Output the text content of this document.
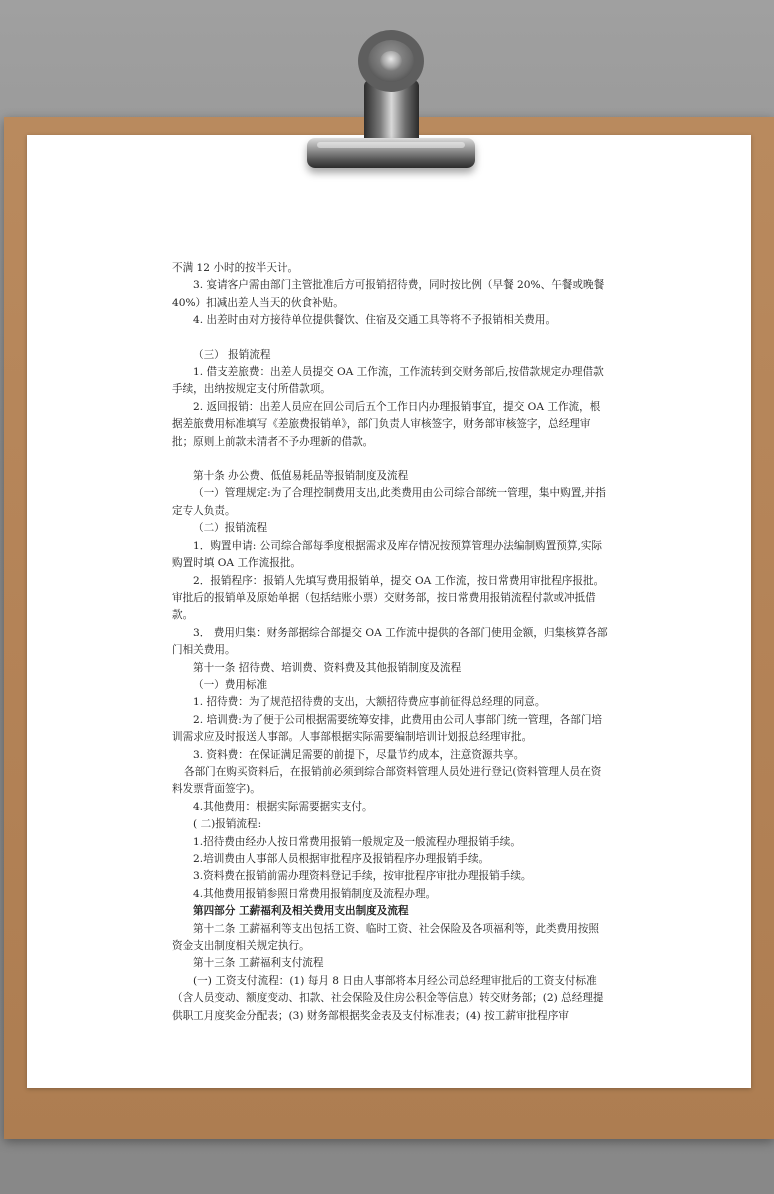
不满 12 小时的按半天计。

3. 宴请客户需由部门主管批准后方可报销招待费，同时按比例（早餐 20%、午餐或晚餐 40%）扣减出差人当天的伙食补贴。

4. 出差时由对方接待单位提供餐饮、住宿及交通工具等将不予报销相关费用。

（三） 报销流程

1. 借支差旅费：出差人员提交 OA 工作流，工作流转到交财务部后,按借款规定办理借款手续，出纳按规定支付所借款项。

2. 返回报销：出差人员应在回公司后五个工作日内办理报销事宜，提交 OA 工作流，根据差旅费用标准填写《差旅费报销单》，部门负责人审核签字，财务部审核签字，总经理审批；原则上前款未清者不予办理新的借款。

第十条 办公费、低值易耗品等报销制度及流程

（一）管理规定:为了合理控制费用支出,此类费用由公司综合部统一管理，集中购置,并指定专人负责。

（二）报销流程

1．购置申请: 公司综合部每季度根据需求及库存情况按预算管理办法编制购置预算,实际购置时填 OA 工作流报批。

2．报销程序：报销人先填写费用报销单，提交 OA 工作流，按日常费用审批程序报批。审批后的报销单及原始单据（包括结账小票）交财务部，按日常费用报销流程付款或冲抵借款。

3． 费用归集：财务部据综合部提交 OA 工作流中提供的各部门使用金额，归集核算各部门相关费用。

第十一条 招待费、培训费、资料费及其他报销制度及流程

（一）费用标准

1. 招待费：为了规范招待费的支出，大额招待费应事前征得总经理的同意。

2. 培训费:为了便于公司根据需要统筹安排，此费用由公司人事部门统一管理，各部门培训需求应及时报送人事部。人事部根据实际需要编制培训计划报总经理审批。

3. 资料费：在保证满足需要的前提下，尽量节约成本，注意资源共享。

各部门在购买资料后，在报销前必须到综合部资料管理人员处进行登记(资料管理人员在资料发票背面签字)。

4.其他费用：根据实际需要据实支付。

( 二)报销流程:

1.招待费由经办人按日常费用报销一般规定及一般流程办理报销手续。

2.培训费由人事部人员根据审批程序及报销程序办理报销手续。

3.资料费在报销前需办理资料登记手续，按审批程序审批办理报销手续。

4.其他费用报销参照日常费用报销制度及流程办理。

第四部分 工薪福利及相关费用支出制度及流程

第十二条 工薪福利等支出包括工资、临时工资、社会保险及各项福利等，此类费用按照资金支出制度相关规定执行。

第十三条 工薪福利支付流程

(一) 工资支付流程：(1) 每月 8 日由人事部将本月经公司总经理审批后的工资支付标准（含人员变动、额度变动、扣款、社会保险及住房公积金等信息）转交财务部；(2) 总经理提供职工月度奖金分配表；(3) 财务部根据奖金表及支付标准表；(4) 按工薪审批程序审
